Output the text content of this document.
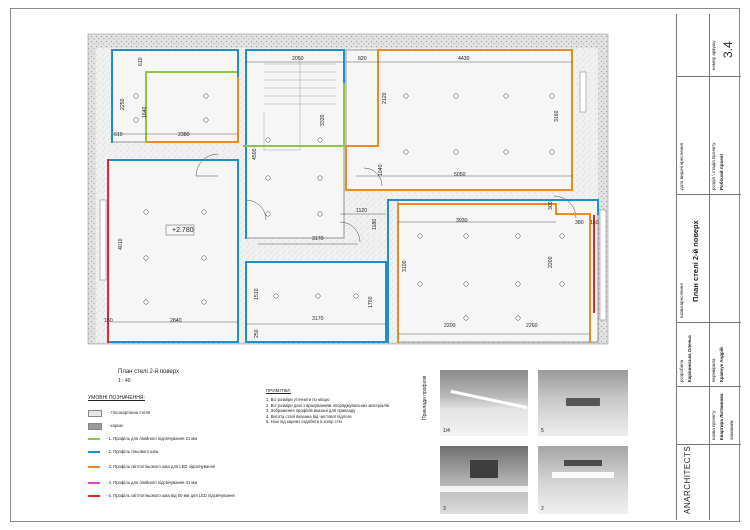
2050	620	4430
610
2250
1640
610	2380
3320
2120
4500
3160
5050
1040
1120
1180	3930
300
380 150
3170
4010
+2.780
3100	2200
1510
1760
3170
2840
150
250
2200	2260
План стелі 2-й поверх
1 : 40
УМОВНІ ПОЗНАЧЕННЯ:
- Гіпсокартонна стеля
- каркас
- 1. Профіль для лінійного підсвічування 21 мм
- 2. Профіль тіньового шва
- 3. Профіль світлотіньового шва для LED підсвічування
- 4. Профіль для лінійного підсвічування 41 мм
- 5. Профіль світлотіньового шва від 50 мм для LED підсвічування
ПРИМІТКИ:
1. Всі розміри уточнити по місцю
2. Всі розміри дані з врахуванням опоряджувальних матеріалів
3. Зображення профілів вказані для прикладу
4. Висота стелі вказана від чистової підлоги
5. Ніші під карниз оздобити в колір стін
Приклади профілів
1/4	5
3	2
номер аркушу 3.4
дата видачі креслення	розділ \ стадія проекту Робочий проект
назва креслення План стелі 2-й поверх
розробила Карачинська Оленьо	перевірила Кравчук Андрій
назва проекту Квартира Литвинова замовник
ANARCHITECTS
